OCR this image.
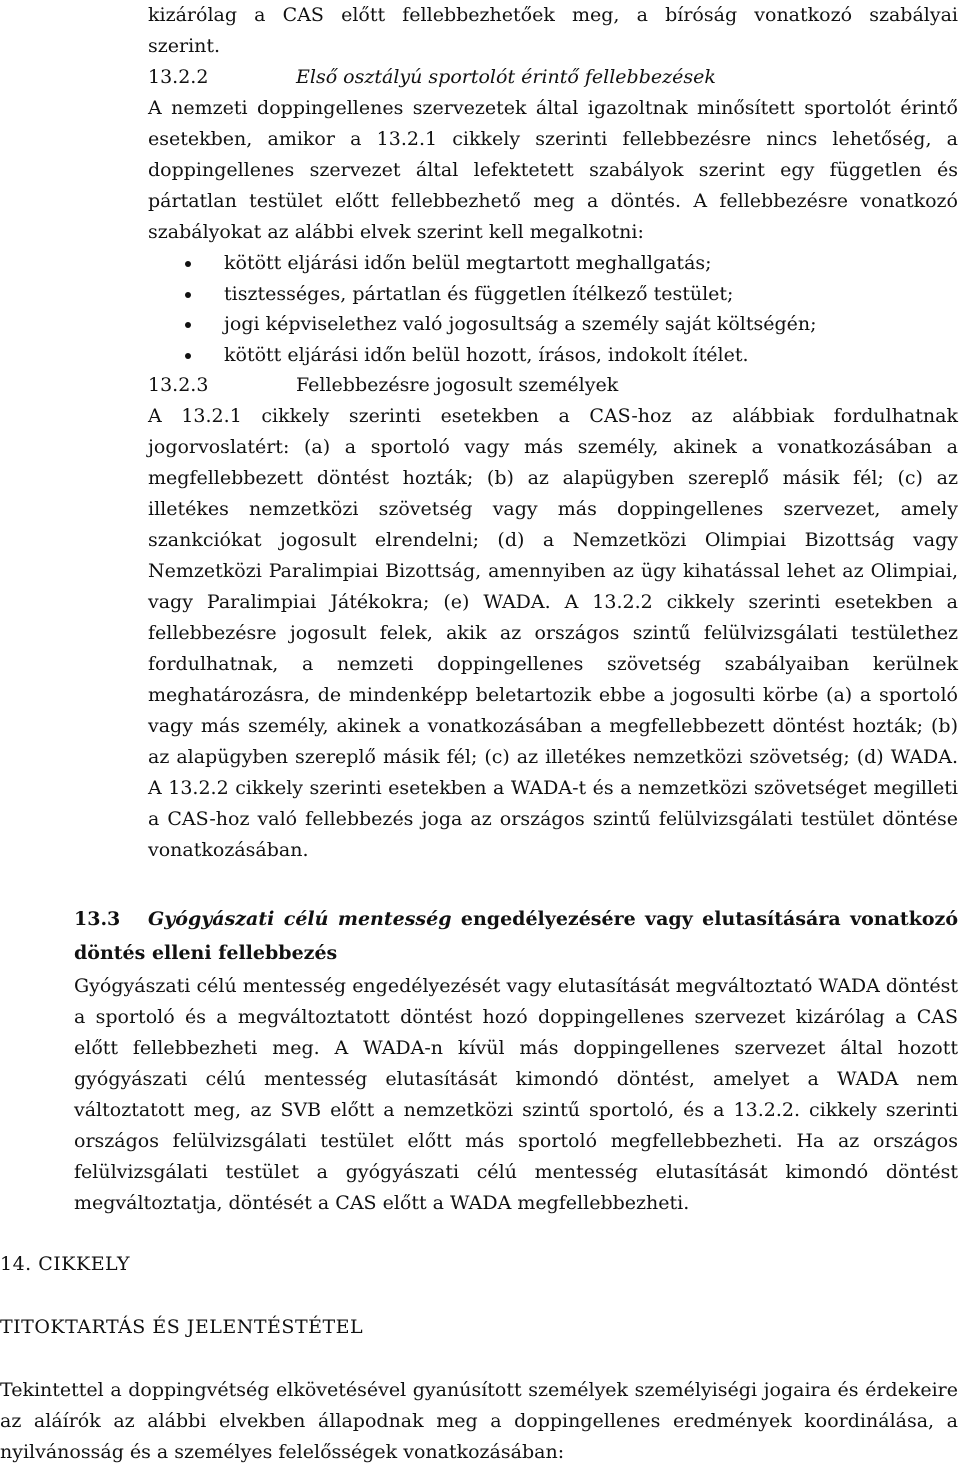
kizárólag a CAS előtt fellebbezhetőek meg, a bíróság vonatkozó szabályai
szerint.
13.2.2	Első osztályú sportolót érintő fellebbezések
A nemzeti doppingellenes szervezetek által igazoltnak minősített sportolót érintő esetekben, amikor a 13.2.1 cikkely szerinti fellebbezésre nincs lehetőség, a doppingellenes szervezet által lefektetett szabályok szerint egy független és pártatlan testület előtt fellebbezhető meg a döntés. A fellebbezésre vonatkozó szabályokat az alábbi elvek szerint kell megalkotni:
kötött eljárási időn belül megtartott meghallgatás;
tisztességes, pártatlan és független ítélkező testület;
jogi képviselethez való jogosultság a személy saját költségén;
kötött eljárási időn belül hozott, írásos, indokolt ítélet.
13.2.3	Fellebbezésre jogosult személyek
A 13.2.1 cikkely szerinti esetekben a CAS-hoz az alábbiak fordulhatnak jogorvoslatért: (a) a sportoló vagy más személy, akinek a vonatkozásában a megfellebbezett döntést hozták; (b) az alapügyben szereplő másik fél; (c) az illetékes nemzetközi szövetség vagy más doppingellenes szervezet, amely szankciókat jogosult elrendelni; (d) a Nemzetközi Olimpiai Bizottság vagy Nemzetközi Paralimpiai Bizottság, amennyiben az ügy kihatással lehet az Olimpiai, vagy Paralimpiai Játékokra; (e) WADA. A 13.2.2 cikkely szerinti esetekben a fellebbezésre jogosult felek, akik az országos szintű felülvizsgálati testülethez fordulhatnak, a nemzeti doppingellenes szövetség szabályaiban kerülnek meghatározásra, de mindenképp beletartozik ebbe a jogosulti körbe (a) a sportoló vagy más személy, akinek a vonatkozásában a megfellebbezett döntést hozták; (b) az alapügyben szereplő másik fél; (c) az illetékes nemzetközi szövetség; (d) WADA. A 13.2.2 cikkely szerinti esetekben a WADA-t és a nemzetközi szövetséget megilleti a CAS-hoz való fellebbezés joga az országos szintű felülvizsgálati testület döntése vonatkozásában.
13.3 Gyógyászati célú mentesség engedélyezésére vagy elutasítására vonatkozó döntés elleni fellebbezés
Gyógyászati célú mentesség engedélyezését vagy elutasítását megváltoztató WADA döntést a sportoló és a megváltoztatott döntést hozó doppingellenes szervezet kizárólag a CAS előtt fellebbezheti meg. A WADA-n kívül más doppingellenes szervezet által hozott gyógyászati célú mentesség elutasítását kimondó döntést, amelyet a WADA nem változtatott meg, az SVB előtt a nemzetközi szintű sportoló, és a 13.2.2. cikkely szerinti országos felülvizsgálati testület előtt más sportoló megfellebbezheti. Ha az országos felülvizsgálati testület a gyógyászati célú mentesség elutasítását kimondó döntést megváltoztatja, döntését a CAS előtt a WADA megfellebbezheti.
14. CIKKELY
TITOKTARTÁS ÉS JELENTÉSTÉTEL
Tekintettel a doppingvétség elkövetésével gyanúsított személyek személyiségi jogaira és érdekeire az aláírók az alábbi elvekben állapodnak meg a doppingellenes eredmények koordinálása, a nyilvánosság és a személyes felelősségek vonatkozásában:
